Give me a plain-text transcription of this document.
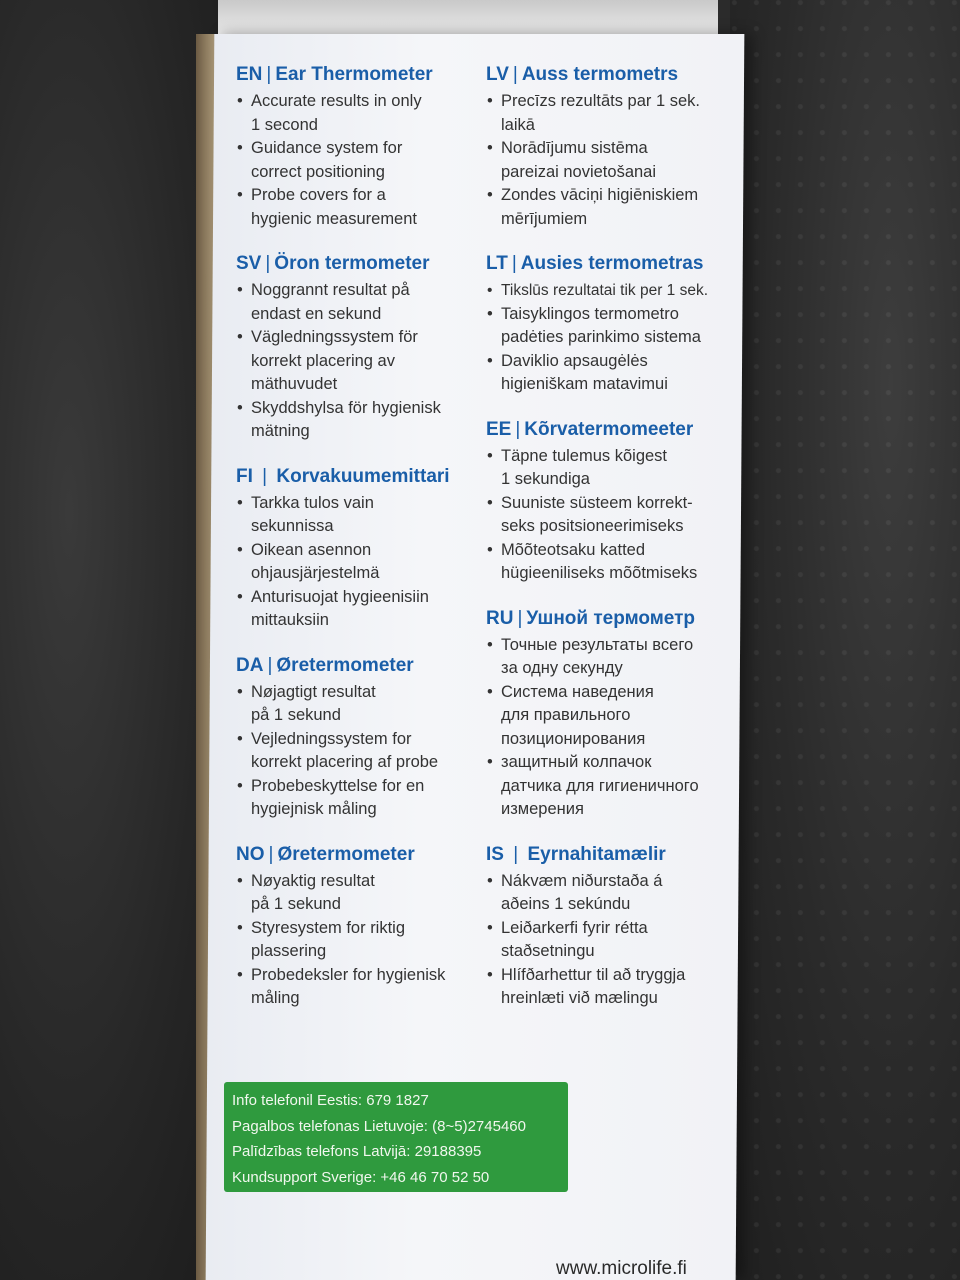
EN | Ear Thermometer
• Accurate results in only
1 second
• Guidance system for
correct positioning
• Probe covers for a
hygienic measurement
SV | Öron termometer
• Noggrannt resultat på
endast en sekund
• Vägledningssystem för
korrekt placering av
mäthuvudet
• Skyddshylsa för hygienisk
mätning
FI | Korvakuumemittari
• Tarkka tulos vain
sekunnissa
• Oikean asennon
ohjausjärjestelmä
• Anturisuojat hygieenisiin
mittauksiin
DA | Øretermometer
• Nøjagtigt resultat
på 1 sekund
• Vejledningssystem for
korrekt placering af probe
• Probebeskyttelse for en
hygiejnisk måling
NO | Øretermometer
• Nøyaktig resultat
på 1 sekund
• Styresystem for riktig
plassering
• Probedeksler for hygienisk
måling
LV | Auss termometrs
• Precīzs rezultāts par 1 sek.
laikā
• Norādījumu sistēma
pareizai novietošanai
• Zondes vāciņi higiēniskiem
mērījumiem
LT | Ausies termometras
• Tikslūs rezultatai tik per 1 sek.
• Taisyklingos termometro
padėties parinkimo sistema
• Daviklio apsaugėlės
higieniškam matavimui
EE | Kõrvatermomeeter
• Täpne tulemus kõigest
1 sekundiga
• Suuniste süsteem korrekt-
seks positsioneerimiseks
• Mõõteotsaku katted
hügieeniliseks mõõtmiseks
RU | Ушной термометр
• Точные результаты всего
за одну секунду
• Система наведения
для правильного
позиционирования
• защитный колпачок
датчика для гигиеничного
измерения
IS | Eyrnahitamælir
• Nákvæm niðurstaða á
aðeins 1 sekúndu
• Leiðarkerfi fyrir rétta
staðsetningu
• Hlífðarhettur til að tryggja
hreinlæti við mælingu
Info telefonil Eestis: 679 1827
Pagalbos telefonas Lietuvoje: (8~5)2745460
Palīdzības telefons Latvijā: 29188395
Kundsupport Sverige: +46 46 70 52 50
www.microlife.fi
